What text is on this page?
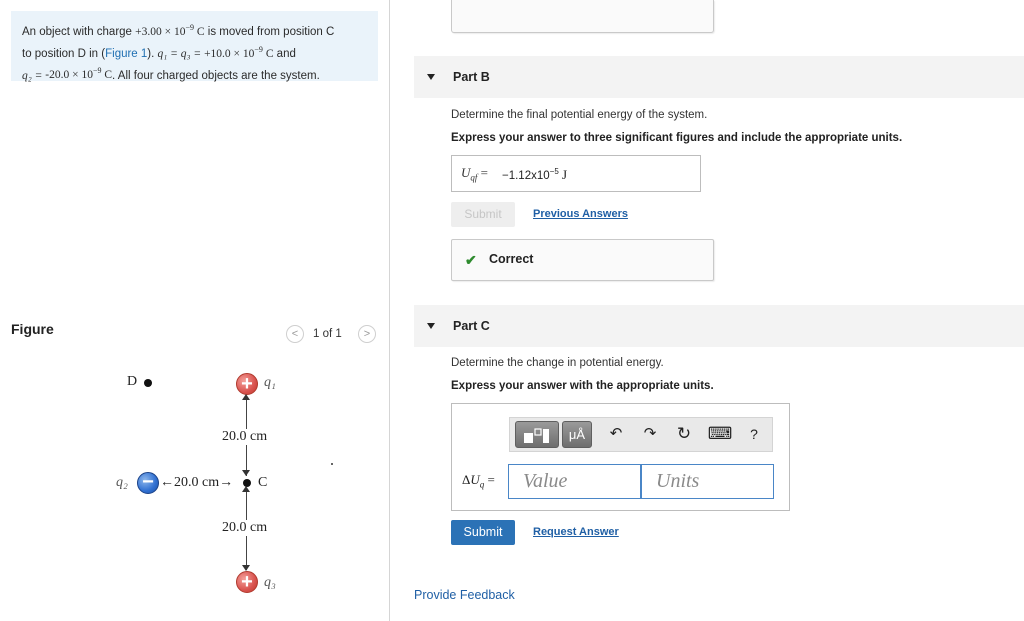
An object with charge $+3.00 \times 10^{-9}$ C is moved from position C
to position D in (Figure 1). $q_1 = q_3 = +10.0 \times 10^{-9}$ C and
$q_2 = -20.0 \times 10^{-9}$ C. All four charged objects are the system.
Figure	<	1 of 1	>
D	+ q₁
20.0 cm
q₂ − ←20.0 cm→ C
20.0 cm
+ q₃
Part B
Determine the final potential energy of the system.
Express your answer to three significant figures and include the appropriate units.
$U_{qf} = -1.12x10^{-5}$ J
Submit	Previous Answers
✔ Correct
Part C
Determine the change in potential energy.
Express your answer with the appropriate units.
μÅ	↶	↷ ↻ ⌨	?
$\Delta U_q$ =
Value
Units
Submit	Request Answer
Provide Feedback
